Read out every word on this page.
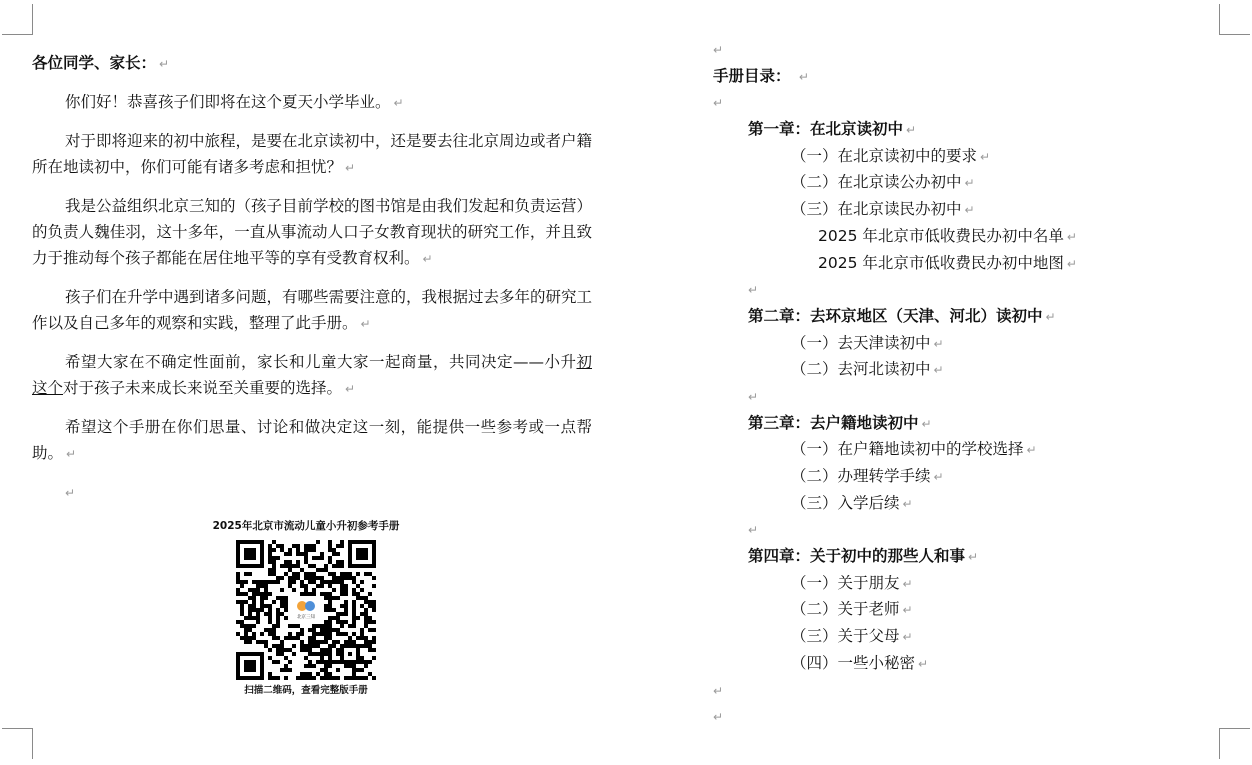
各位同学、家长： ↵
你们好！恭喜孩子们即将在这个夏天小学毕业。 ↵
对于即将迎来的初中旅程，是要在北京读初中，还是要去往北京周边或者户籍所在地读初中，你们可能有诸多考虑和担忧？ ↵
我是公益组织北京三知的（孩子目前学校的图书馆是由我们发起和负责运营）的负责人魏佳羽，这十多年，一直从事流动人口子女教育现状的研究工作，并且致力于推动每个孩子都能在居住地平等的享有受教育权利。 ↵
孩子们在升学中遇到诸多问题，有哪些需要注意的，我根据过去多年的研究工作以及自己多年的观察和实践，整理了此手册。 ↵
希望大家在不确定性面前，家长和儿童大家一起商量，共同决定——小升初这个对于孩子未来成长来说至关重要的选择。 ↵
希望这个手册在你们思量、讨论和做决定这一刻，能提供一些参考或一点帮助。 ↵
↵
2025年北京市流动儿童小升初参考手册
北京三知
扫描二维码，查看完整版手册
↵
手册目录： ↵
↵
第一章：在北京读初中 ↵
（一）在北京读初中的要求 ↵
（二）在北京读公办初中 ↵
（三）在北京读民办初中 ↵
2025 年北京市低收费民办初中名单 ↵
2025 年北京市低收费民办初中地图 ↵
↵
第二章：去环京地区（天津、河北）读初中 ↵
（一）去天津读初中 ↵
（二）去河北读初中 ↵
↵
第三章：去户籍地读初中 ↵
（一）在户籍地读初中的学校选择 ↵
（二）办理转学手续 ↵
（三）入学后续 ↵
↵
第四章：关于初中的那些人和事 ↵
（一）关于朋友 ↵
（二）关于老师 ↵
（三）关于父母 ↵
（四）一些小秘密 ↵
↵
↵
